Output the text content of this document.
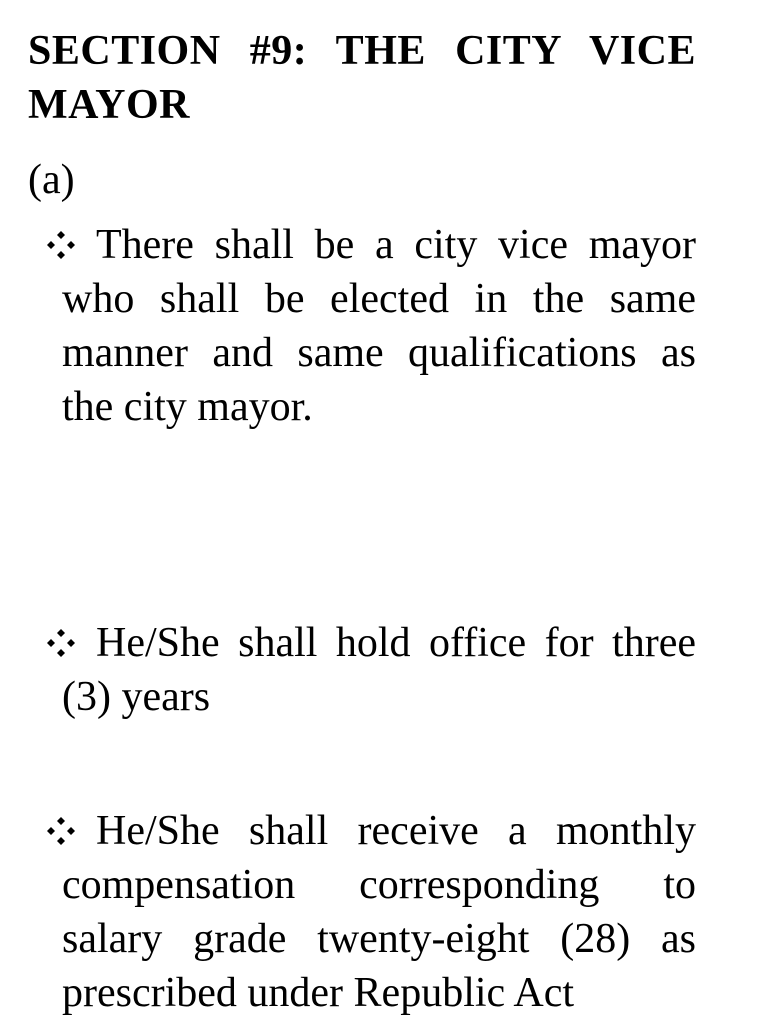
SECTION #9: THE CITY VICE MAYOR

(a)

There shall be a city vice mayor who shall be elected in the same manner and same qualifications as the city mayor.

He/She shall hold office for three (3) years

He/She shall receive a monthly compensation corresponding to salary grade twenty-eight (28) as prescribed under Republic Act
